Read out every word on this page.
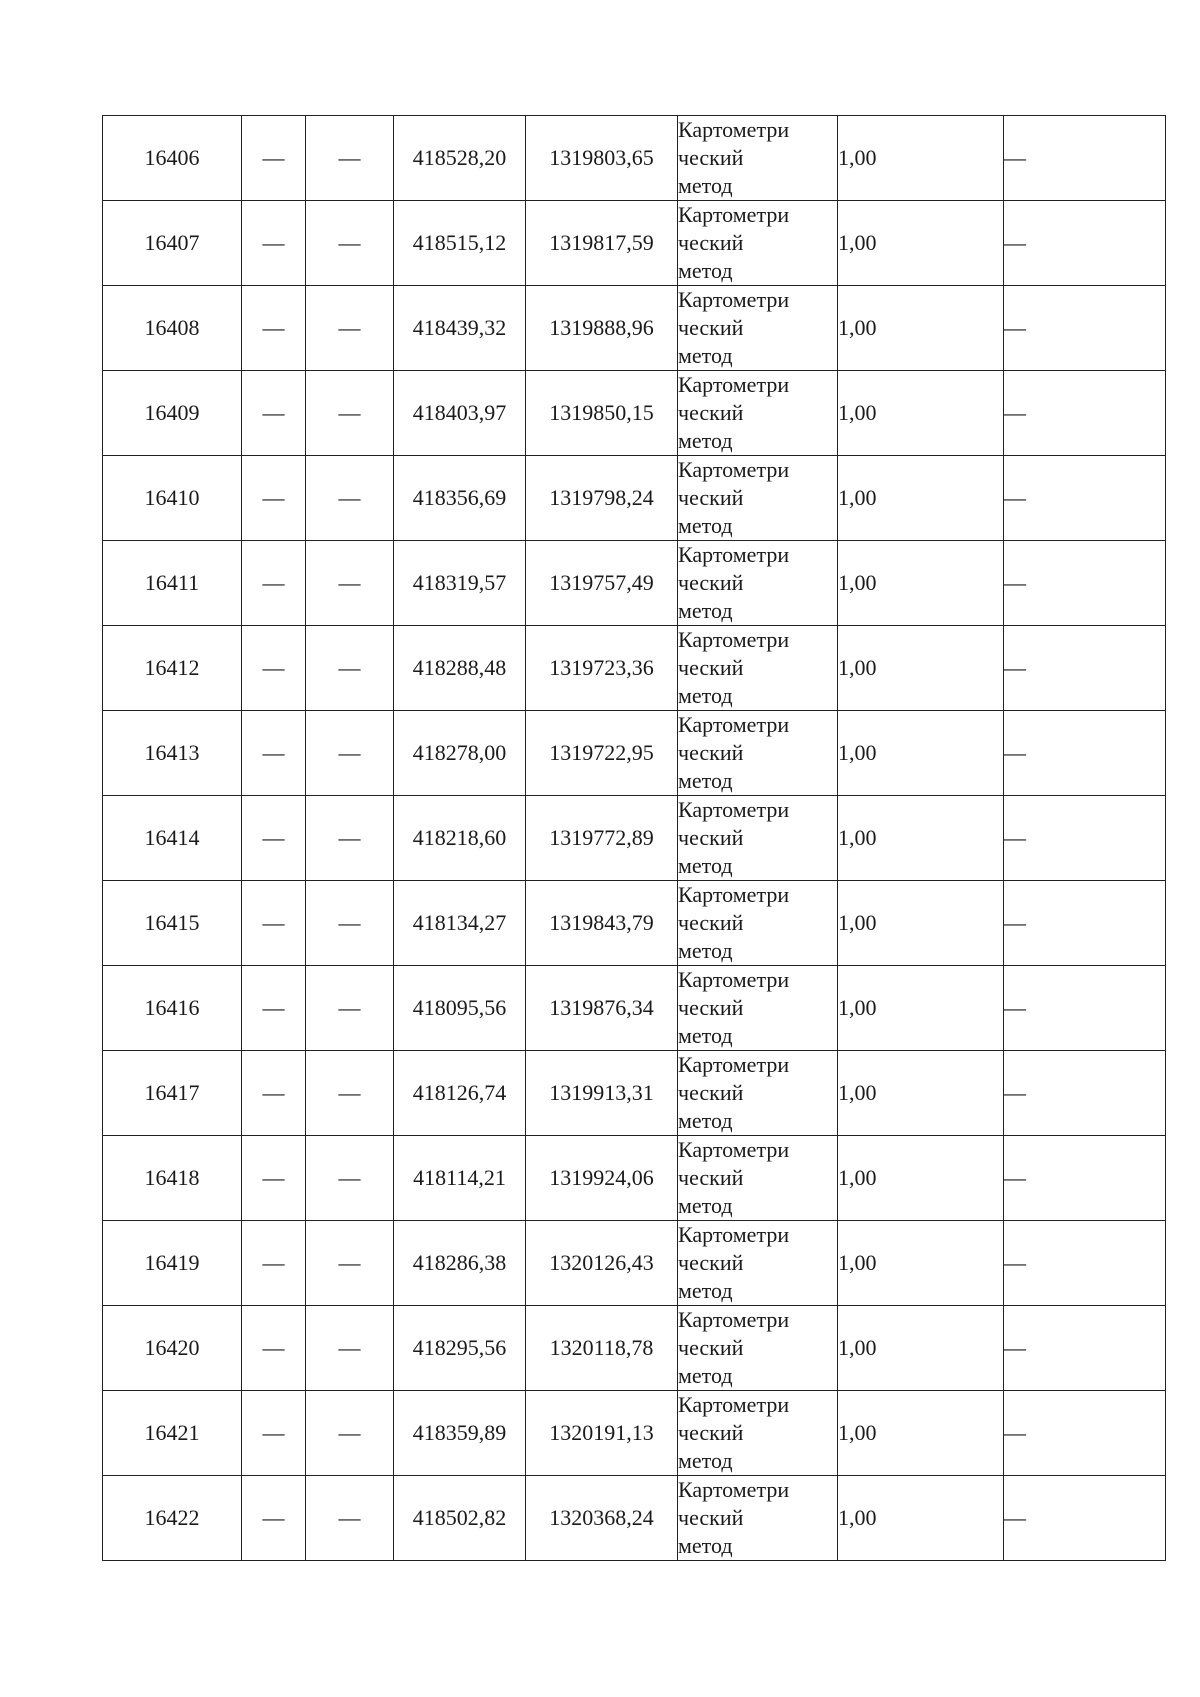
16406	—	—	418528,20	1319803,65	Картометри
ческий
метод	1,00	—
16407	—	—	418515,12	1319817,59	Картометри
ческий
метод	1,00	—
16408	—	—	418439,32	1319888,96	Картометри
ческий
метод	1,00	—
16409	—	—	418403,97	1319850,15	Картометри
ческий
метод	1,00	—
16410	—	—	418356,69	1319798,24	Картометри
ческий
метод	1,00	—
16411	—	—	418319,57	1319757,49	Картометри
ческий
метод	1,00	—
16412	—	—	418288,48	1319723,36	Картометри
ческий
метод	1,00	—
16413	—	—	418278,00	1319722,95	Картометри
ческий
метод	1,00	—
16414	—	—	418218,60	1319772,89	Картометри
ческий
метод	1,00	—
16415	—	—	418134,27	1319843,79	Картометри
ческий
метод	1,00	—
16416	—	—	418095,56	1319876,34	Картометри
ческий
метод	1,00	—
16417	—	—	418126,74	1319913,31	Картометри
ческий
метод	1,00	—
16418	—	—	418114,21	1319924,06	Картометри
ческий
метод	1,00	—
16419	—	—	418286,38	1320126,43	Картометри
ческий
метод	1,00	—
16420	—	—	418295,56	1320118,78	Картометри
ческий
метод	1,00	—
16421	—	—	418359,89	1320191,13	Картометри
ческий
метод	1,00	—
16422	—	—	418502,82	1320368,24	Картометри
ческий
метод	1,00	—
